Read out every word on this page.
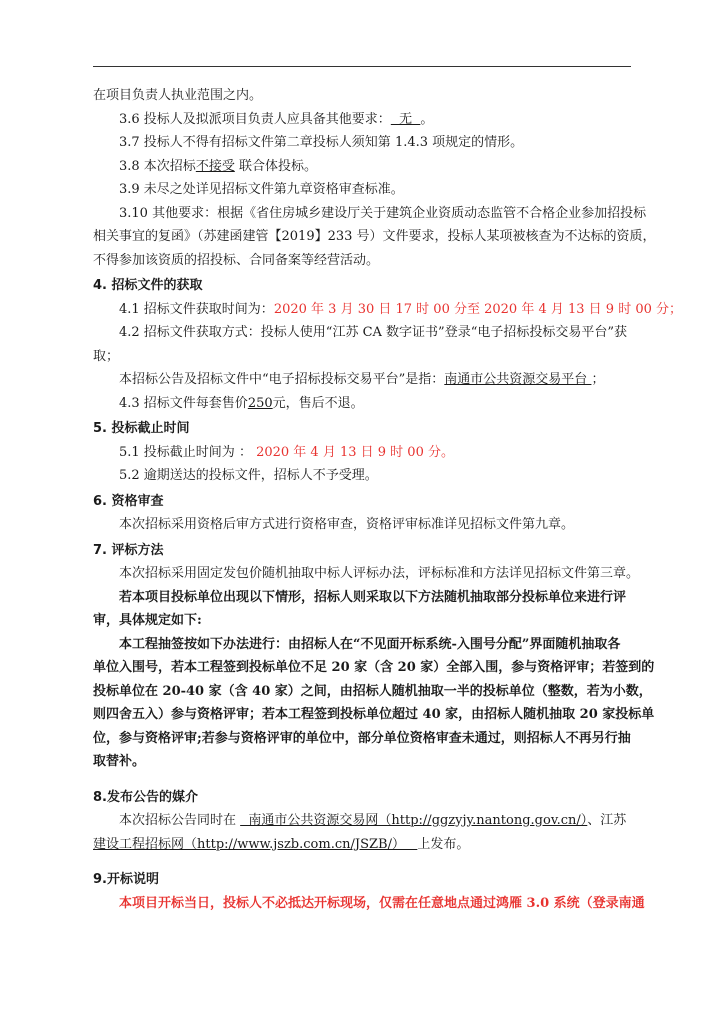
在项目负责人执业范围之内。
3.6 投标人及拟派项目负责人应具备其他要求：  无  。
3.7 投标人不得有招标文件第二章投标人须知第 1.4.3 项规定的情形。
3.8 本次招标不接受 联合体投标。
3.9 未尽之处详见招标文件第九章资格审查标准。
3.10 其他要求：根据《省住房城乡建设厅关于建筑企业资质动态监管不合格企业参加招投标
相关事宜的复函》（苏建函建管【2019】233 号）文件要求，投标人某项被核查为不达标的资质，
不得参加该资质的招投标、合同备案等经营活动。
4. 招标文件的获取
4.1 招标文件获取时间为：2020 年 3 月 30 日 17 时 00 分至 2020 年 4 月 13 日 9 时 00 分；
4.2 招标文件获取方式：投标人使用“江苏 CA 数字证书”登录“电子招标投标交易平台”获
取；
本招标公告及招标文件中“电子招标投标交易平台”是指：南通市公共资源交易平台 ；
4.3 招标文件每套售价250元，售后不退。
5. 投标截止时间
5.1 投标截止时间为 ： 2020 年 4 月 13 日 9 时 00 分。
5.2 逾期送达的投标文件，招标人不予受理。
6. 资格审查
本次招标采用资格后审方式进行资格审查，资格评审标准详见招标文件第九章。
7. 评标方法
本次招标采用固定发包价随机抽取中标人评标办法，评标标准和方法详见招标文件第三章。
若本项目投标单位出现以下情形，招标人则采取以下方法随机抽取部分投标单位来进行评
审，具体规定如下:
本工程抽签按如下办法进行：由招标人在“不见面开标系统-入围号分配”界面随机抽取各
单位入围号，若本工程签到投标单位不足 20 家（含 20 家）全部入围，参与资格评审；若签到的
投标单位在 20-40 家（含 40 家）之间，由招标人随机抽取一半的投标单位（整数，若为小数，
则四舍五入）参与资格评审；若本工程签到投标单位超过 40 家，由招标人随机抽取 20 家投标单
位，参与资格评审;若参与资格评审的单位中，部分单位资格审查未通过，则招标人不再另行抽
取替补。
8.发布公告的媒介
本次招标公告同时在   南通市公共资源交易网（http://ggzyjy.nantong.gov.cn/）、江苏
建设工程招标网（http://www.jszb.com.cn/JSZB/）   上发布。
9.开标说明
本项目开标当日，投标人不必抵达开标现场，仅需在任意地点通过鸿雁 3.0 系统（登录南通
